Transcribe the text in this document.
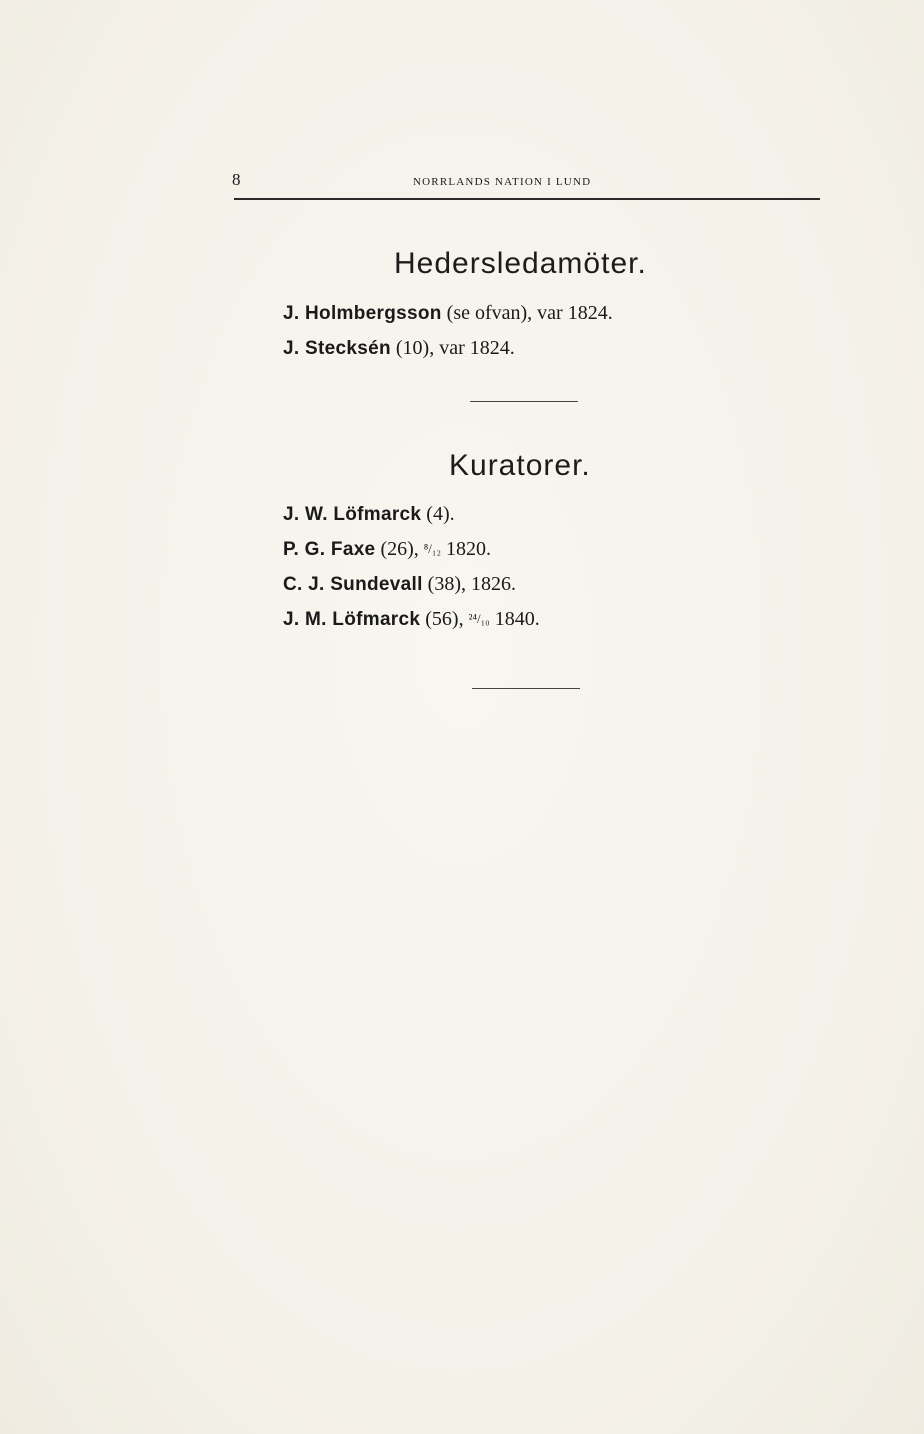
8	NORRLANDS NATION I LUND
Hedersledamöter.
J. Holmbergsson (se ofvan), var 1824.
J. Stecksén (10), var 1824.
Kuratorer.
J. W. Löfmarck (4).
P. G. Faxe (26), ⁸/₁₂ 1820.
C. J. Sundevall (38), 1826.
J. M. Löfmarck (56), ²⁴/₁₀ 1840.
